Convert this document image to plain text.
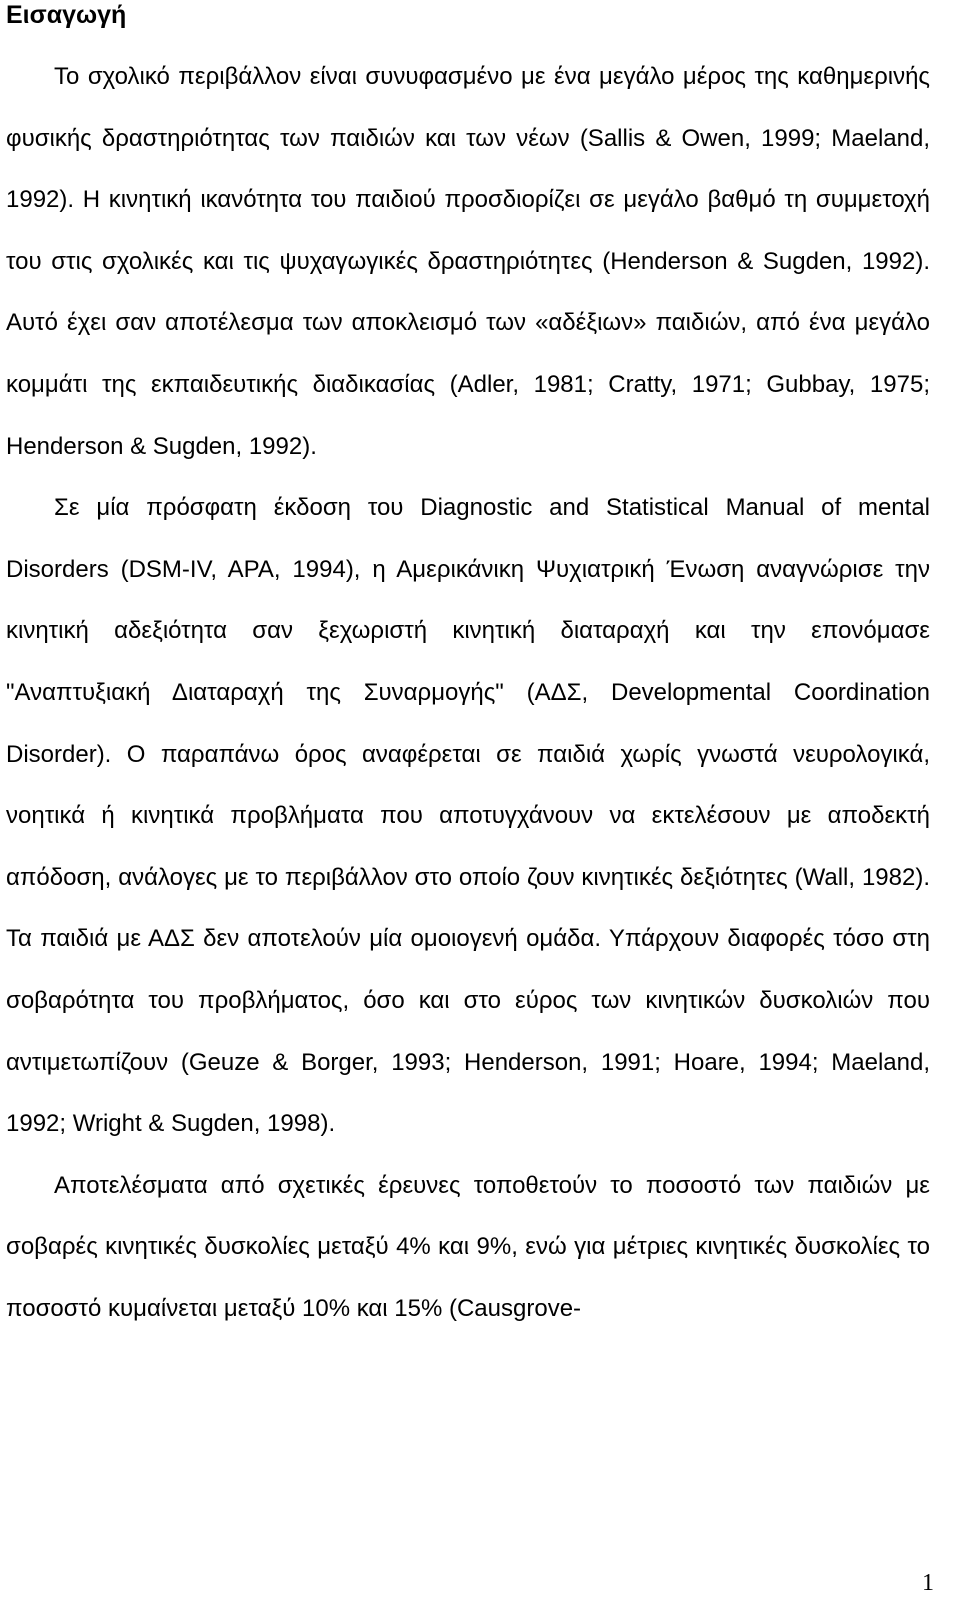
Εισαγωγή

Το σχολικό περιβάλλον είναι συνυφασμένο με ένα μεγάλο μέρος της καθημερινής φυσικής δραστηριότητας των παιδιών και των νέων (Sallis & Owen, 1999; Maeland, 1992). Η κινητική ικανότητα του παιδιού προσδιορίζει σε μεγάλο βαθμό τη συμμετοχή του στις σχολικές και τις ψυχαγωγικές δραστηριότητες (Henderson & Sugden, 1992). Αυτό έχει σαν αποτέλεσμα των αποκλεισμό των «αδέξιων» παιδιών, από ένα μεγάλο κομμάτι της εκπαιδευτικής διαδικασίας (Adler, 1981; Cratty, 1971; Gubbay, 1975; Henderson & Sugden, 1992).

Σε μία πρόσφατη έκδοση του Diagnostic and Statistical Manual of mental Disorders (DSM-IV, APA, 1994), η Αμερικάνικη Ψυχιατρική Ένωση αναγνώρισε την κινητική αδεξιότητα σαν ξεχωριστή κινητική διαταραχή και την επονόμασε "Αναπτυξιακή Διαταραχή της Συναρμογής" (ΑΔΣ, Developmental Coordination Disorder). Ο παραπάνω όρος αναφέρεται σε παιδιά χωρίς γνωστά νευρολογικά, νοητικά ή κινητικά προβλήματα που αποτυγχάνουν να εκτελέσουν με αποδεκτή απόδοση, ανάλογες με το περιβάλλον στο οποίο ζουν κινητικές δεξιότητες (Wall, 1982). Τα παιδιά με ΑΔΣ δεν αποτελούν μία ομοιογενή ομάδα. Υπάρχουν διαφορές τόσο στη σοβαρότητα του προβλήματος, όσο και στο εύρος των κινητικών δυσκολιών που αντιμετωπίζουν (Geuze & Borger, 1993; Henderson, 1991; Hoare, 1994; Maeland, 1992; Wright & Sugden, 1998).

Αποτελέσματα από σχετικές έρευνες τοποθετούν το ποσοστό των παιδιών με σοβαρές κινητικές δυσκολίες μεταξύ 4% και 9%, ενώ για μέτριες κινητικές δυσκολίες το ποσοστό κυμαίνεται μεταξύ 10% και 15% (Causgrove-

1
